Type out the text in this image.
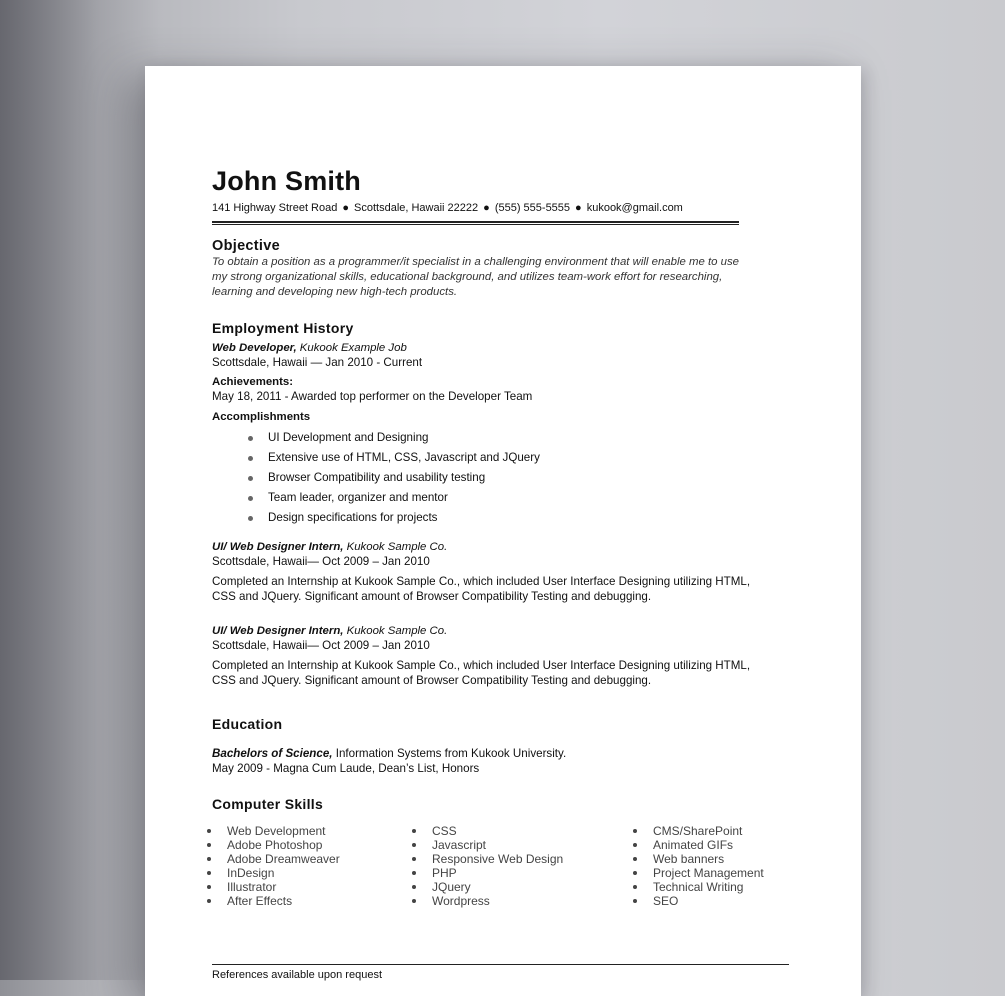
John Smith
141 Highway Street Road ● Scottsdale, Hawaii 22222 ● (555) 555-5555 ● kukook@gmail.com
Objective
To obtain a position as a programmer/it specialist in a challenging environment that will enable me to use my strong organizational skills, educational background, and utilizes team-work effort for researching, learning and developing new high-tech products.
Employment History
Web Developer, Kukook Example Job
Scottsdale, Hawaii — Jan 2010 - Current
Achievements:
May 18, 2011 - Awarded top performer on the Developer Team
Accomplishments
UI Development and Designing
Extensive use of HTML, CSS, Javascript and JQuery
Browser Compatibility and usability testing
Team leader, organizer and mentor
Design specifications for projects
UI/ Web Designer Intern, Kukook Sample Co.
Scottsdale, Hawaii— Oct 2009 – Jan 2010
Completed an Internship at Kukook Sample Co., which included User Interface Designing utilizing HTML, CSS and JQuery. Significant amount of Browser Compatibility Testing and debugging.
UI/ Web Designer Intern, Kukook Sample Co.
Scottsdale, Hawaii— Oct 2009 – Jan 2010
Completed an Internship at Kukook Sample Co., which included User Interface Designing utilizing HTML, CSS and JQuery. Significant amount of Browser Compatibility Testing and debugging.
Education
Bachelors of Science, Information Systems from Kukook University.
May 2009 - Magna Cum Laude, Dean’s List, Honors
Computer Skills
Web Development
Adobe Photoshop
Adobe Dreamweaver
InDesign
Illustrator
After Effects
CSS
Javascript
Responsive Web Design
PHP
JQuery
Wordpress
CMS/SharePoint
Animated GIFs
Web banners
Project Management
Technical Writing
SEO
References available upon request
